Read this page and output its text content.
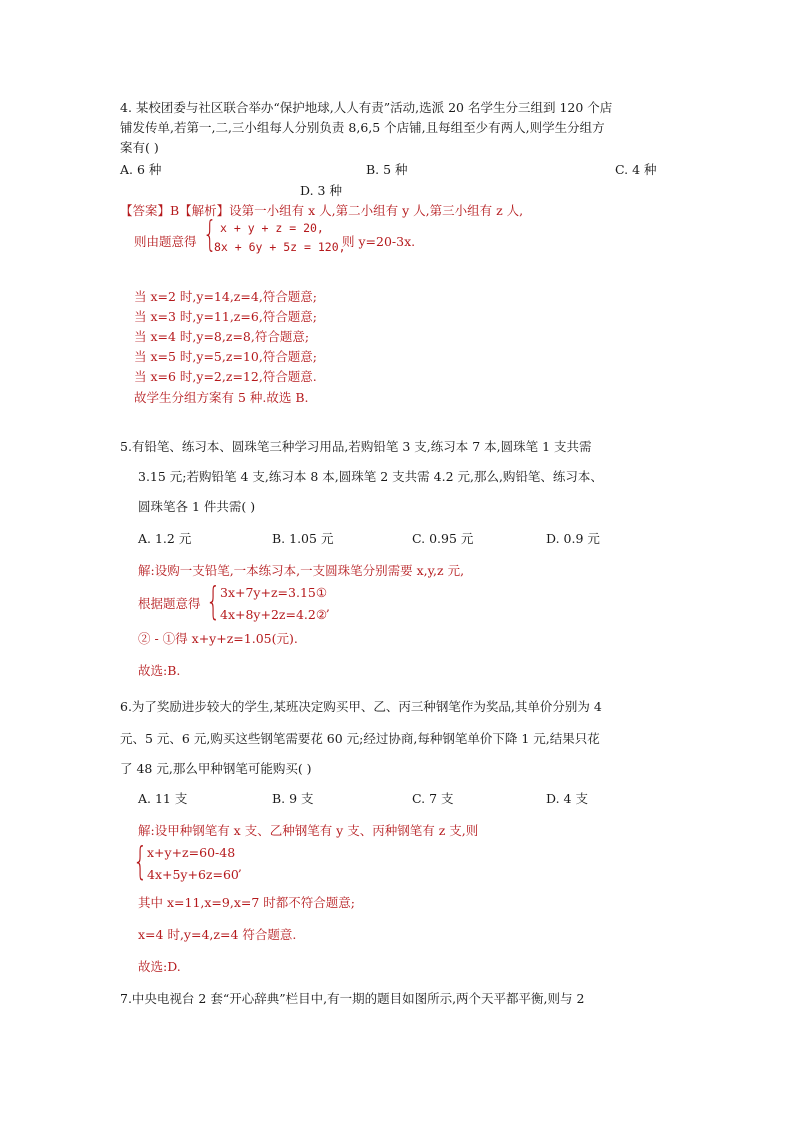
4. 某校团委与社区联合举办“保护地球,人人有责”活动,选派 20 名学生分三组到 120 个店
铺发传单,若第一,二,三小组每人分别负责 8,6,5 个店铺,且每组至少有两人,则学生分组方
案有( )
A. 6 种	B. 5 种	C. 4 种
D. 3 种
【答案】B【解析】设第一小组有 x 人,第二小组有 y 人,第三小组有 z 人,
则由题意得 { x + y + z = 20,
8x + 6y + 5z = 120,
则 y=20-3x.
当 x=2 时,y=14,z=4,符合题意;
当 x=3 时,y=11,z=6,符合题意;
当 x=4 时,y=8,z=8,符合题意;
当 x=5 时,y=5,z=10,符合题意;
当 x=6 时,y=2,z=12,符合题意.
故学生分组方案有 5 种.故选 B.
5.有铅笔、练习本、圆珠笔三种学习用品,若购铅笔 3 支,练习本 7 本,圆珠笔 1 支共需
3.15 元;若购铅笔 4 支,练习本 8 本,圆珠笔 2 支共需 4.2 元,那么,购铅笔、练习本、
圆珠笔各 1 件共需( )
A. 1.2 元	B. 1.05 元	C. 0.95 元	D. 0.9 元
解:设购一支铅笔,一本练习本,一支圆珠笔分别需要 x,y,z 元,
根据题意得 { 3x+7y+z=3.15①
4x+8y+2z=4.2②
,
② - ①得 x+y+z=1.05(元).
故选:B.
6.为了奖励进步较大的学生,某班决定购买甲、乙、丙三种钢笔作为奖品,其单价分别为 4
元、5 元、6 元,购买这些钢笔需要花 60 元;经过协商,每种钢笔单价下降 1 元,结果只花
了 48 元,那么甲种钢笔可能购买( )
A. 11 支	B. 9 支	C. 7 支	D. 4 支
解:设甲种钢笔有 x 支、乙种钢笔有 y 支、丙种钢笔有 z 支,则
{ x+y+z=60-48
4x+5y+6z=60
,
其中 x=11,x=9,x=7 时都不符合题意;
x=4 时,y=4,z=4 符合题意.
故选:D.
7.中央电视台 2 套“开心辞典”栏目中,有一期的题目如图所示,两个天平都平衡,则与 2
